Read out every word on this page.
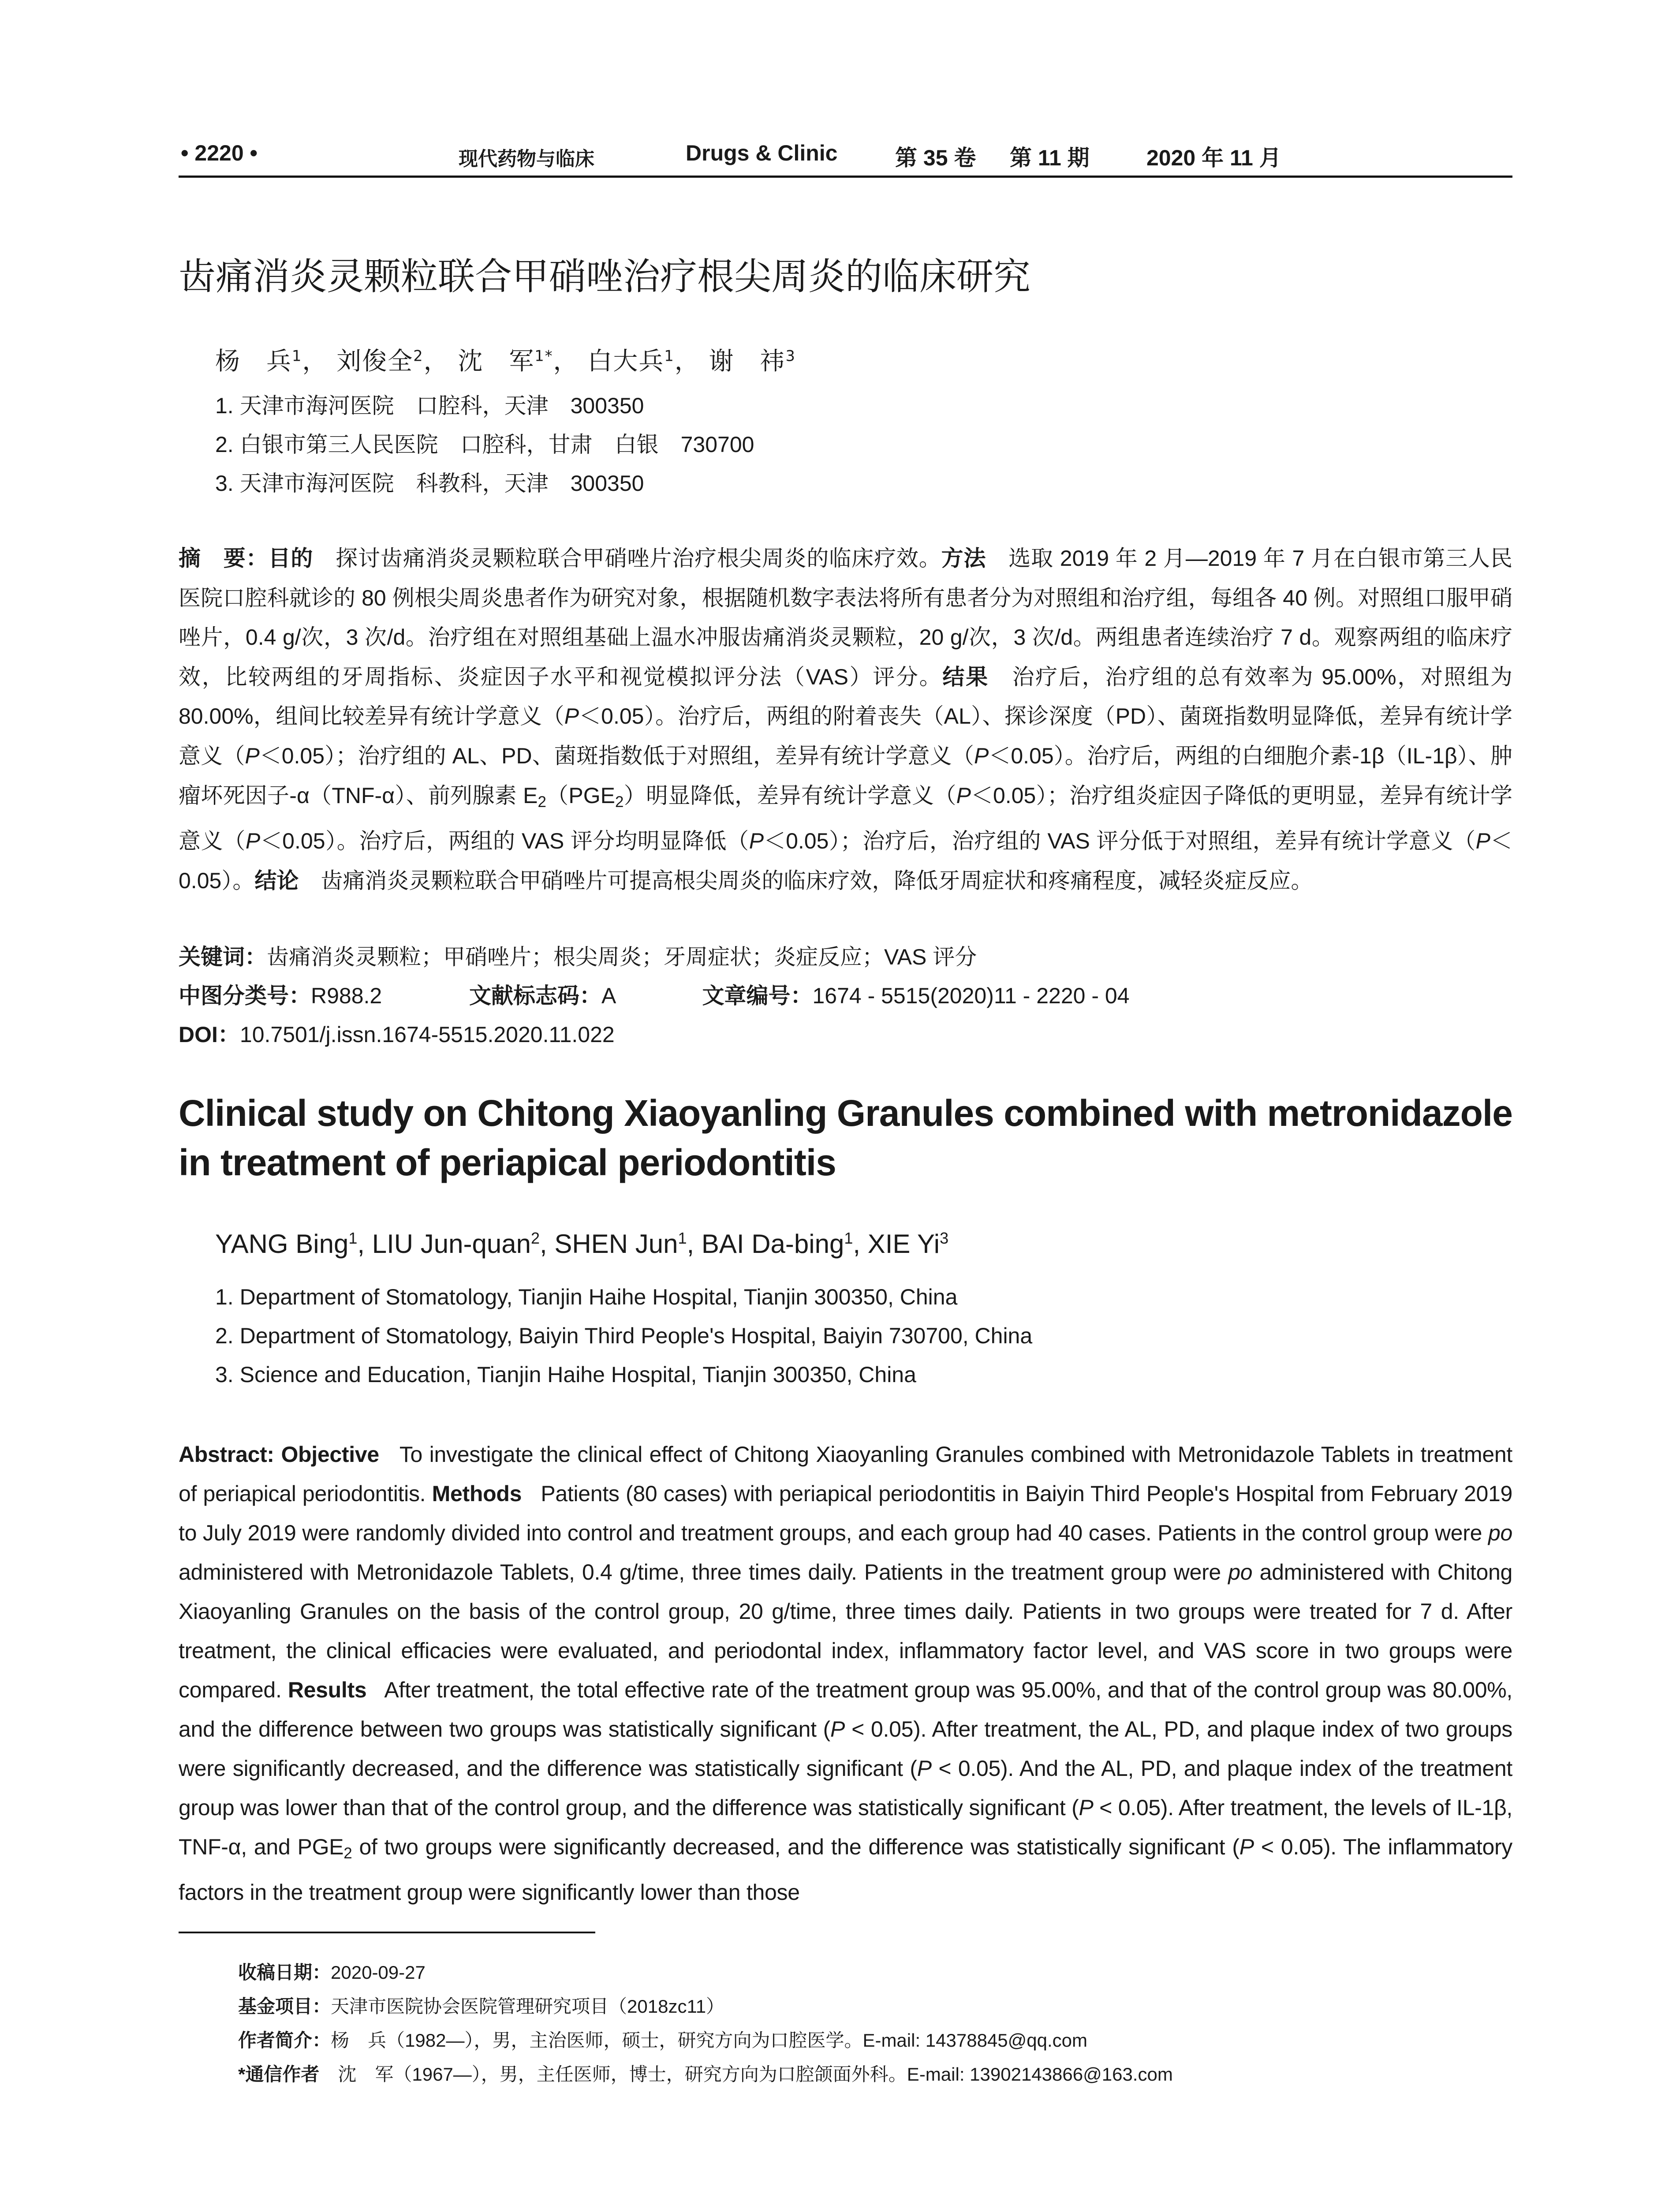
• 2220 •	现代药物与临床	Drugs & Clinic	第 35 卷 第 11 期	2020 年 11 月
齿痛消炎灵颗粒联合甲硝唑治疗根尖周炎的临床研究
杨　兵$^1$， 刘俊全$^2$， 沈　军$^{1*}$， 白大兵$^1$， 谢　祎$^3$
1. 天津市海河医院　口腔科，天津　300350
2. 白银市第三人民医院　口腔科，甘肃　白银　730700
3. 天津市海河医院　科教科，天津　300350

摘　要：目的　 探讨齿痛消炎灵颗粒联合甲硝唑片治疗根尖周炎的临床疗效。方法　 选取 2019 年 2 月—2019 年 7 月在白银市第三人民医院口腔科就诊的 80 例根尖周炎患者作为研究对象，根据随机数字表法将所有患者分为对照组和治疗组，每组各 40 例。对照组口服甲硝唑片，0.4 g/次，3 次/d。治疗组在对照组基础上温水冲服齿痛消炎灵颗粒，20 g/次，3 次/d。两组患者连续治疗 7 d。观察两组的临床疗效，比较两组的牙周指标、炎症因子水平和视觉模拟评分法（VAS）评分。结果　 治疗后，治疗组的总有效率为 95.00%，对照组为 80.00%，组间比较差异有统计学意义（P＜0.05）。治疗后，两组的附着丧失（AL）、探诊深度（PD）、菌斑指数明显降低，差异有统计学意义（P＜0.05）；治疗组的 AL、PD、菌斑指数低于对照组，差异有统计学意义（P＜0.05）。治疗后，两组的白细胞介素-1β（IL-1β）、肿瘤坏死因子-α（TNF-α）、前列腺素 $E_2(PGE_2)$明显降低，差异有统计学意义（P＜0.05）；治疗组炎症因子降低的更明显，差异有统计学意义（P＜0.05）。治疗后，两组的 VAS 评分均明显降低（P＜0.05）；治疗后，治疗组的 VAS 评分低于对照组，差异有统计学意义（P＜0.05）。结论　 齿痛消炎灵颗粒联合甲硝唑片可提高根尖周炎的临床疗效，降低牙周症状和疼痛程度，减轻炎症反应。

关键词：齿痛消炎灵颗粒；甲硝唑片；根尖周炎；牙周症状；炎症反应；VAS 评分
中图分类号：R988.2	文献标志码：A	文章编号：1674 - 5515(2020)11 - 2220 - 04
DOI：10.7501/j.issn.1674-5515.2020.11.022
Clinical study on Chitong Xiaoyanling Granules combined with metronidazole in treatment of periapical periodontitis
YANG Bing$^1$, LIU Jun-quan$^2$, SHEN Jun$^1$, BAI Da-bing$^1$, XIE Yi$^3$
1. Department of Stomatology, Tianjin Haihe Hospital, Tianjin 300350, China
2. Department of Stomatology, Baiyin Third People's Hospital, Baiyin 730700, China
3. Science and Education, Tianjin Haihe Hospital, Tianjin 300350, China

Abstract: Objective To investigate the clinical effect of Chitong Xiaoyanling Granules combined with Metronidazole Tablets in treatment of periapical periodontitis. Methods Patients (80 cases) with periapical periodontitis in Baiyin Third People's Hospital from February 2019 to July 2019 were randomly divided into control and treatment groups, and each group had 40 cases. Patients in the control group were po administered with Metronidazole Tablets, 0.4 g/time, three times daily. Patients in the treatment group were po administered with Chitong Xiaoyanling Granules on the basis of the control group, 20 g/time, three times daily. Patients in two groups were treated for 7 d. After treatment, the clinical efficacies were evaluated, and periodontal index, inflammatory factor level, and VAS score in two groups were compared. Results After treatment, the total effective rate of the treatment group was 95.00%, and that of the control group was 80.00%, and the difference between two groups was statistically significant (P < 0.05). After treatment, the AL, PD, and plaque index of two groups were significantly decreased, and the difference was statistically significant (P < 0.05). And the AL, PD, and plaque index of the treatment group was lower than that of the control group, and the difference was statistically significant (P < 0.05). After treatment, the levels of IL-1β, TNF-α, and $PGE_2$ of two groups were significantly decreased, and the difference was statistically significant (P < 0.05). The inflammatory factors in the treatment group were significantly lower than those

收稿日期：2020-09-27
基金项目：天津市医院协会医院管理研究项目（2018zc11）
作者简介：杨　兵（1982—），男，主治医师，硕士，研究方向为口腔医学。E-mail: 14378845@qq.com
*通信作者　 沈　军（1967—），男，主任医师，博士，研究方向为口腔颌面外科。E-mail: 13902143866@163.com
